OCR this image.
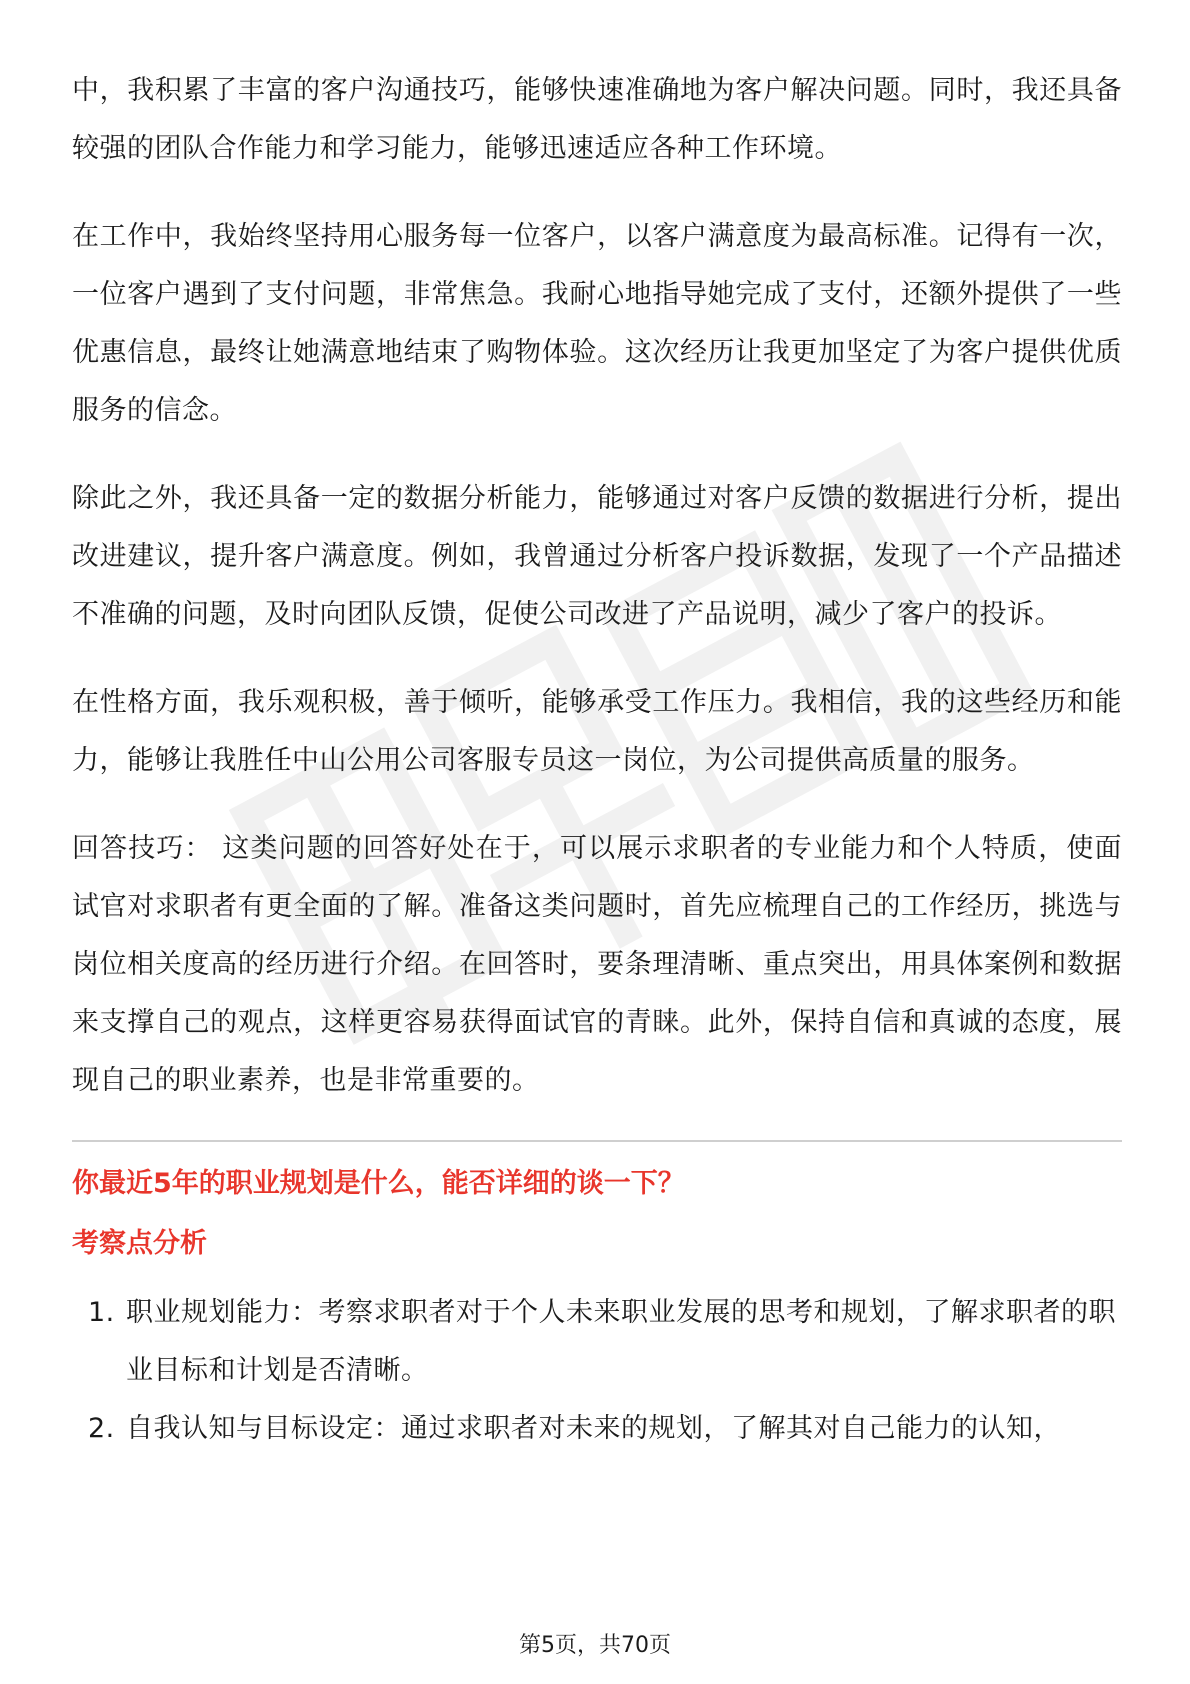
中，我积累了丰富的客户沟通技巧，能够快速准确地为客户解决问题。同时，我还具备较强的团队合作能力和学习能力，能够迅速适应各种工作环境。

在工作中，我始终坚持用心服务每一位客户，以客户满意度为最高标准。记得有一次，一位客户遇到了支付问题，非常焦急。我耐心地指导她完成了支付，还额外提供了一些优惠信息，最终让她满意地结束了购物体验。这次经历让我更加坚定了为客户提供优质服务的信念。

除此之外，我还具备一定的数据分析能力，能够通过对客户反馈的数据进行分析，提出改进建议，提升客户满意度。例如，我曾通过分析客户投诉数据，发现了一个产品描述不准确的问题，及时向团队反馈，促使公司改进了产品说明，减少了客户的投诉。

在性格方面，我乐观积极，善于倾听，能够承受工作压力。我相信，我的这些经历和能力，能够让我胜任中山公用公司客服专员这一岗位，为公司提供高质量的服务。

回答技巧： 这类问题的回答好处在于，可以展示求职者的专业能力和个人特质，使面试官对求职者有更全面的了解。准备这类问题时，首先应梳理自己的工作经历，挑选与岗位相关度高的经历进行介绍。在回答时，要条理清晰、重点突出，用具体案例和数据来支撑自己的观点，这样更容易获得面试官的青睐。此外，保持自信和真诚的态度，展现自己的职业素养，也是非常重要的。

你最近5年的职业规划是什么，能否详细的谈一下？
考察点分析
1. 职业规划能力：考察求职者对于个人未来职业发展的思考和规划，了解求职者的职业目标和计划是否清晰。
2. 自我认知与目标设定：通过求职者对未来的规划，了解其对自己能力的认知，
第5页，共70页
